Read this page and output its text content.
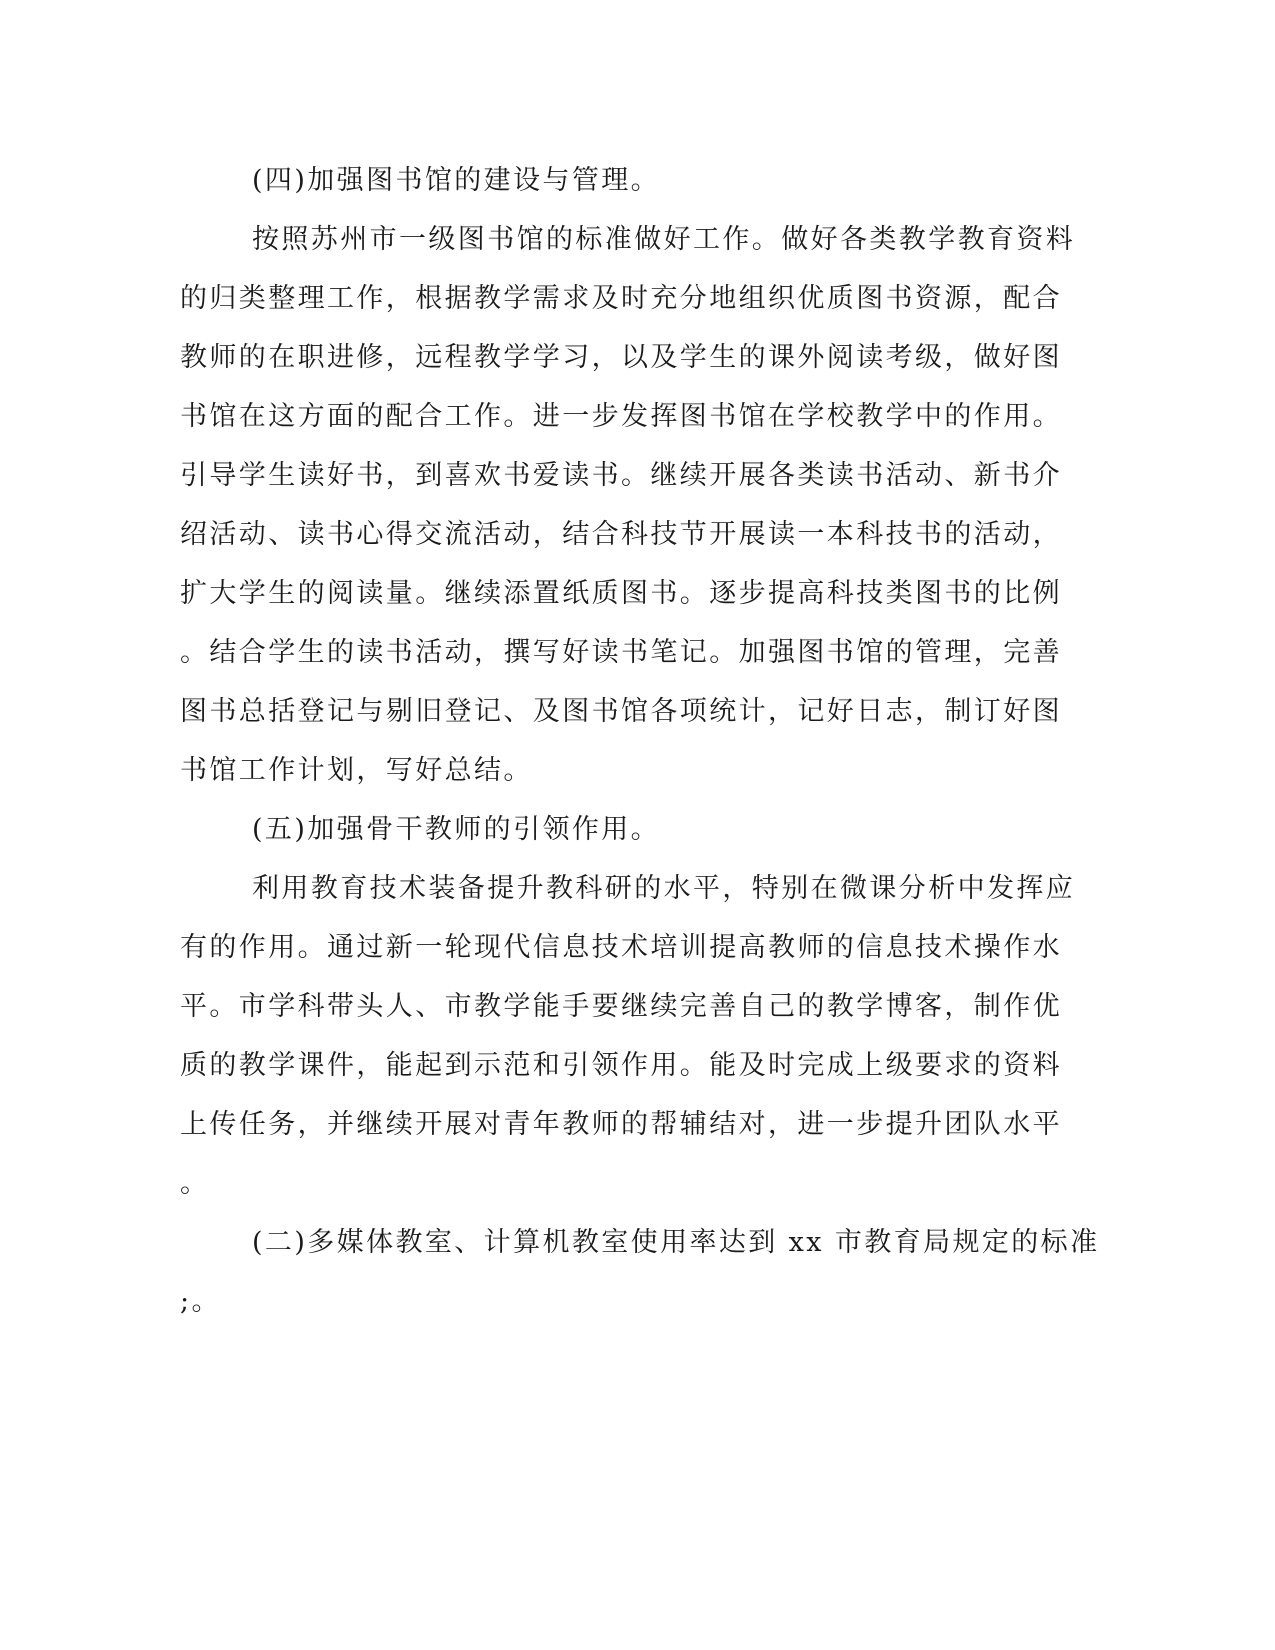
(四)加强图书馆的建设与管理。
按照苏州市一级图书馆的标准做好工作。做好各类教学教育资料
的归类整理工作，根据教学需求及时充分地组织优质图书资源，配合
教师的在职进修，远程教学学习，以及学生的课外阅读考级，做好图
书馆在这方面的配合工作。进一步发挥图书馆在学校教学中的作用。
引导学生读好书，到喜欢书爱读书。继续开展各类读书活动、新书介
绍活动、读书心得交流活动，结合科技节开展读一本科技书的活动，
扩大学生的阅读量。继续添置纸质图书。逐步提高科技类图书的比例
。结合学生的读书活动，撰写好读书笔记。加强图书馆的管理，完善
图书总括登记与剔旧登记、及图书馆各项统计，记好日志，制订好图
书馆工作计划，写好总结。
(五)加强骨干教师的引领作用。
利用教育技术装备提升教科研的水平，特别在微课分析中发挥应
有的作用。通过新一轮现代信息技术培训提高教师的信息技术操作水
平。市学科带头人、市教学能手要继续完善自己的教学博客，制作优
质的教学课件，能起到示范和引领作用。能及时完成上级要求的资料
上传任务，并继续开展对青年教师的帮辅结对，进一步提升团队水平
。
(二)多媒体教室、计算机教室使用率达到 xx 市教育局规定的标准
;。
